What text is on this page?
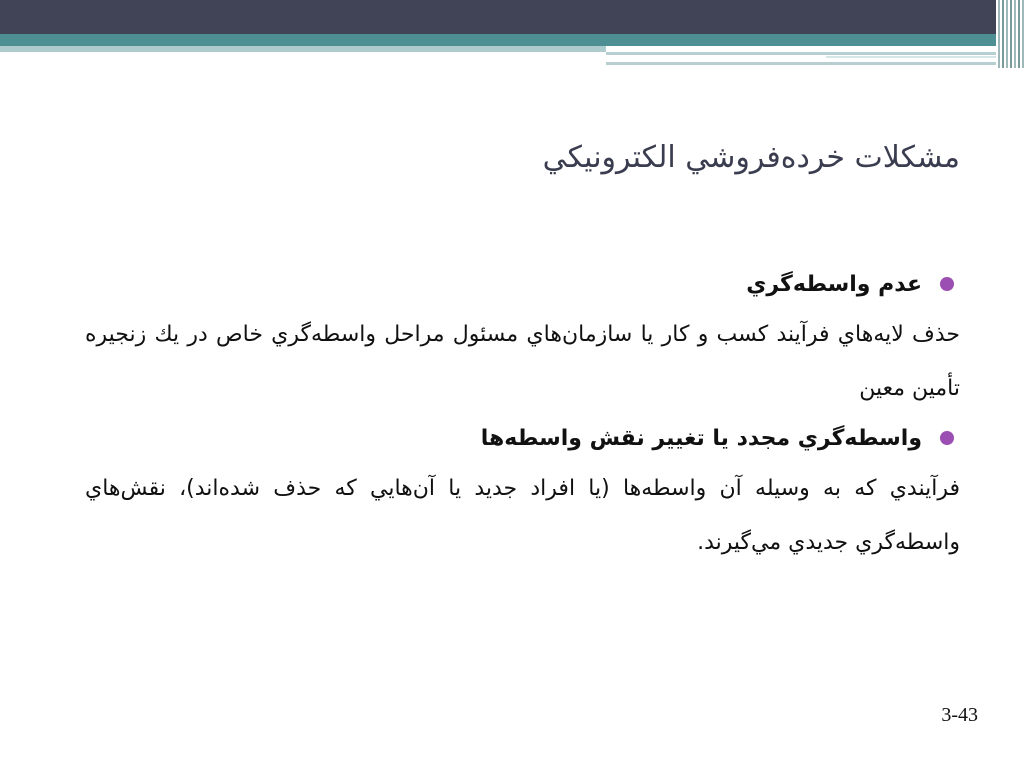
مشكلات خرده‌فروشي الكترونيكي
عدم واسطه‌گري

حذف لايه‌هاي فرآيند كسب و كار يا سازمان‌هاي مسئول مراحل واسطه‌گري خاص در يك زنجيره تأمين معين

واسطه‌گري مجدد يا تغيير نقش واسطه‌ها

فرآيندي كه به وسيله آن واسطه‌ها (يا افراد جديد يا آن‌هايي كه حذف شده‌اند)، نقش‌هاي واسطه‌گري جديدي مي‌گيرند.

3-43
